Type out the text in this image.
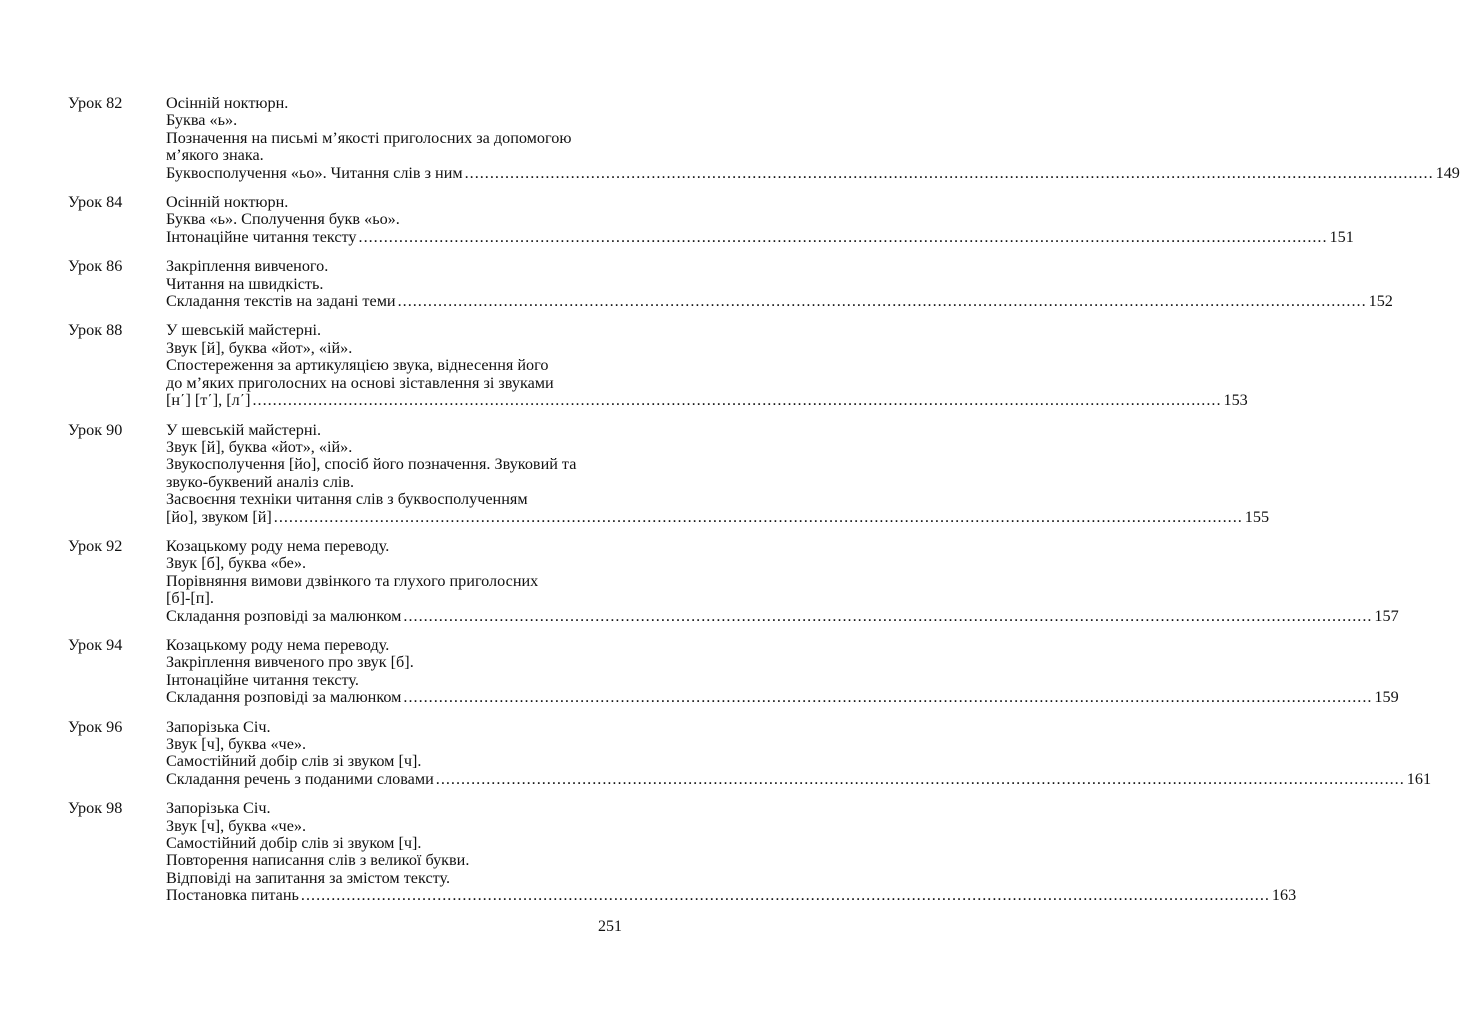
Урок 82	Осінній ноктюрн.
Буква «ь».
Позначення на письмі м’якості приголосних за допомогою
м’якого знака.
Буквосполучення «ьо». Читання слів з ним .....	149
Урок 84	Осінній ноктюрн.
Буква «ь». Сполучення букв «ьо».
Інтонаційне читання тексту .....	151
Урок 86	Закріплення вивченого.
Читання на швидкість.
Складання текстів на задані теми .....	152
Урок 88	У шевській майстерні.
Звук [й], буква «йот», «ій».
Спостереження за артикуляцією звука, віднесення його
до м’яких приголосних на основі зіставлення зі звуками
[н΄] [т΄], [л΄] .....	153
Урок 90	У шевській майстерні.
Звук [й], буква «йот», «ій».
Звукосполучення [йо], спосіб його позначення. Звуковий та
звуко-буквений аналіз слів.
Засвоєння техніки читання слів з буквосполученням
[йо], звуком [й] .....	155
Урок 92	Козацькому роду нема переводу.
Звук [б], буква «бе».
Порівняння вимови дзвінкого та глухого приголосних
[б]-[п].
Складання розповіді за малюнком .....	157
Урок 94	Козацькому роду нема переводу.
Закріплення вивченого про звук [б].
Інтонаційне читання тексту.
Складання розповіді за малюнком .....	159
Урок 96	Запорізька Січ.
Звук [ч], буква «че».
Самостійний добір слів зі звуком [ч].
Складання речень з поданими словами .....	161
Урок 98	Запорізька Січ.
Звук [ч], буква «че».
Самостійний добір слів зі звуком [ч].
Повторення написання слів з великої букви.
Відповіді на запитання за змістом тексту.
Постановка питань .....	163
251
